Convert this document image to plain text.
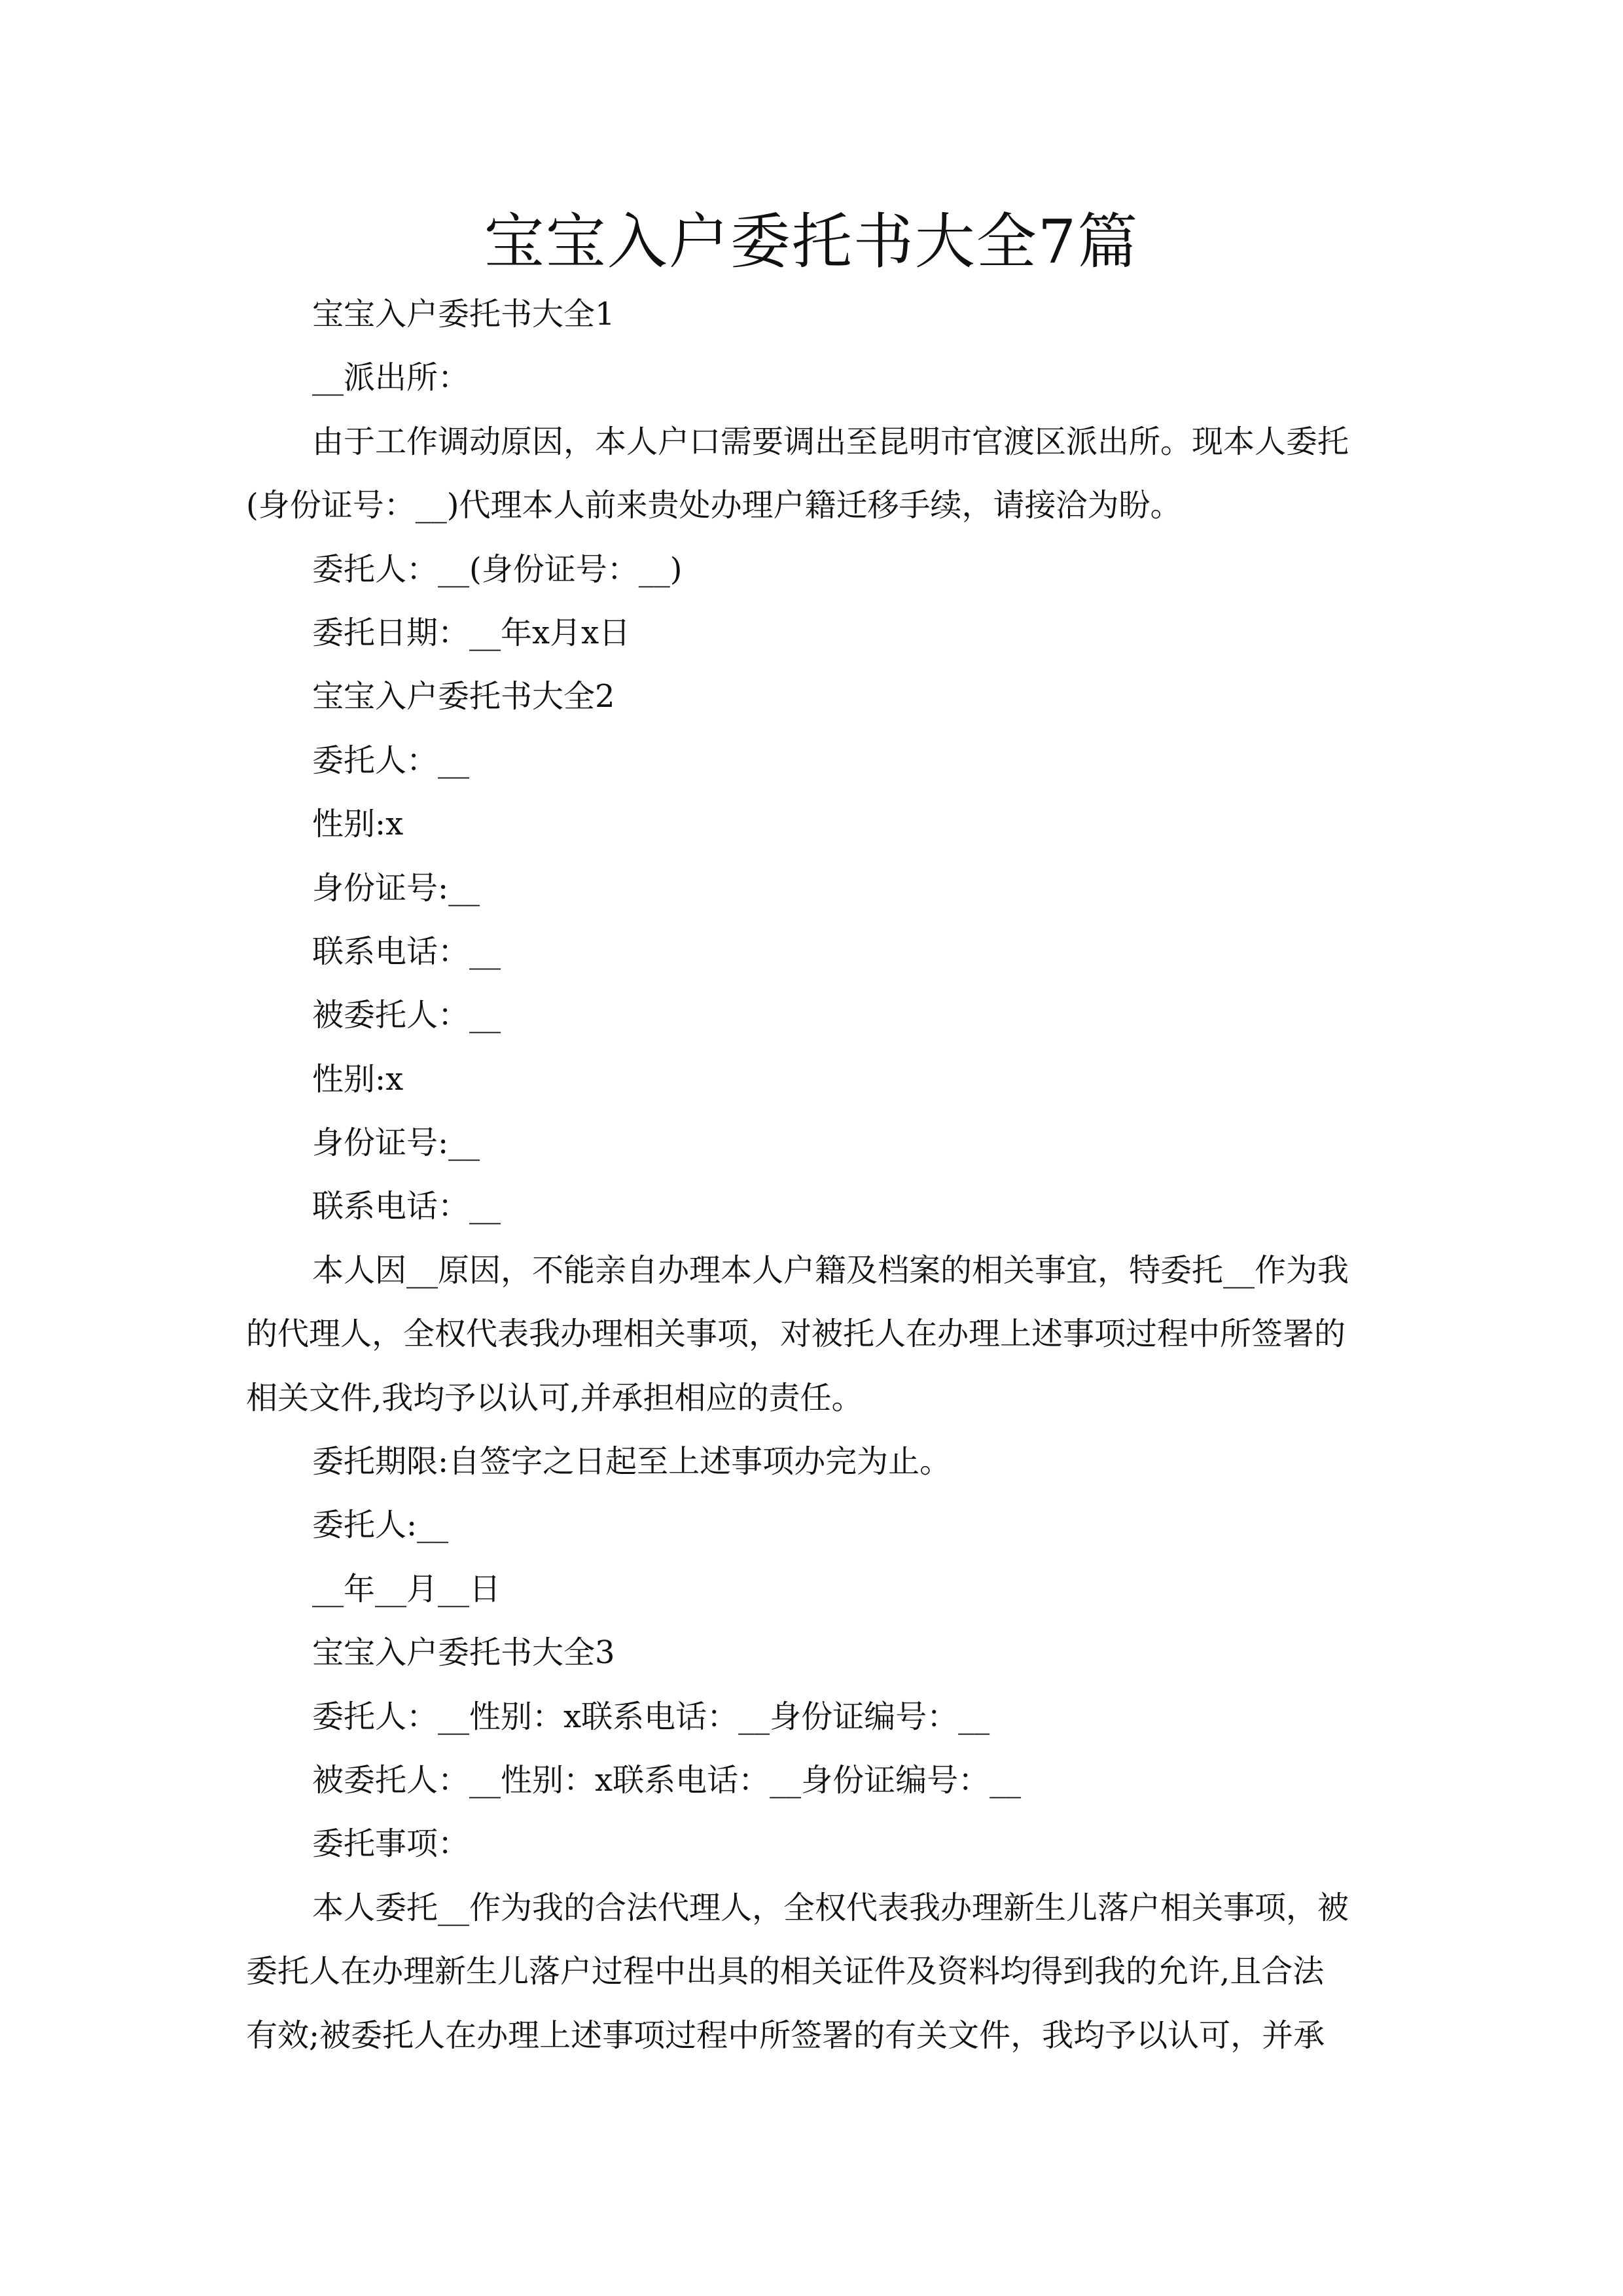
宝宝入户委托书大全7篇
宝宝入户委托书大全1
__派出所：
由于工作调动原因，本人户口需要调出至昆明市官渡区派出所。现本人委托
(身份证号：__)代理本人前来贵处办理户籍迁移手续，请接洽为盼。
委托人：__(身份证号：__)
委托日期：__年x月x日
宝宝入户委托书大全2
委托人：__
性别:x
身份证号:__
联系电话：__
被委托人：__
性别:x
身份证号:__
联系电话：__
本人因__原因，不能亲自办理本人户籍及档案的相关事宜，特委托__作为我
的代理人，全权代表我办理相关事项，对被托人在办理上述事项过程中所签署的
相关文件,我均予以认可,并承担相应的责任。
委托期限:自签字之日起至上述事项办完为止。
委托人:__
__年__月__日
宝宝入户委托书大全3
委托人：__性别：x联系电话：__身份证编号：__
被委托人：__性别：x联系电话：__身份证编号：__
委托事项：
本人委托__作为我的合法代理人，全权代表我办理新生儿落户相关事项，被
委托人在办理新生儿落户过程中出具的相关证件及资料均得到我的允许,且合法
有效;被委托人在办理上述事项过程中所签署的有关文件，我均予以认可，并承
